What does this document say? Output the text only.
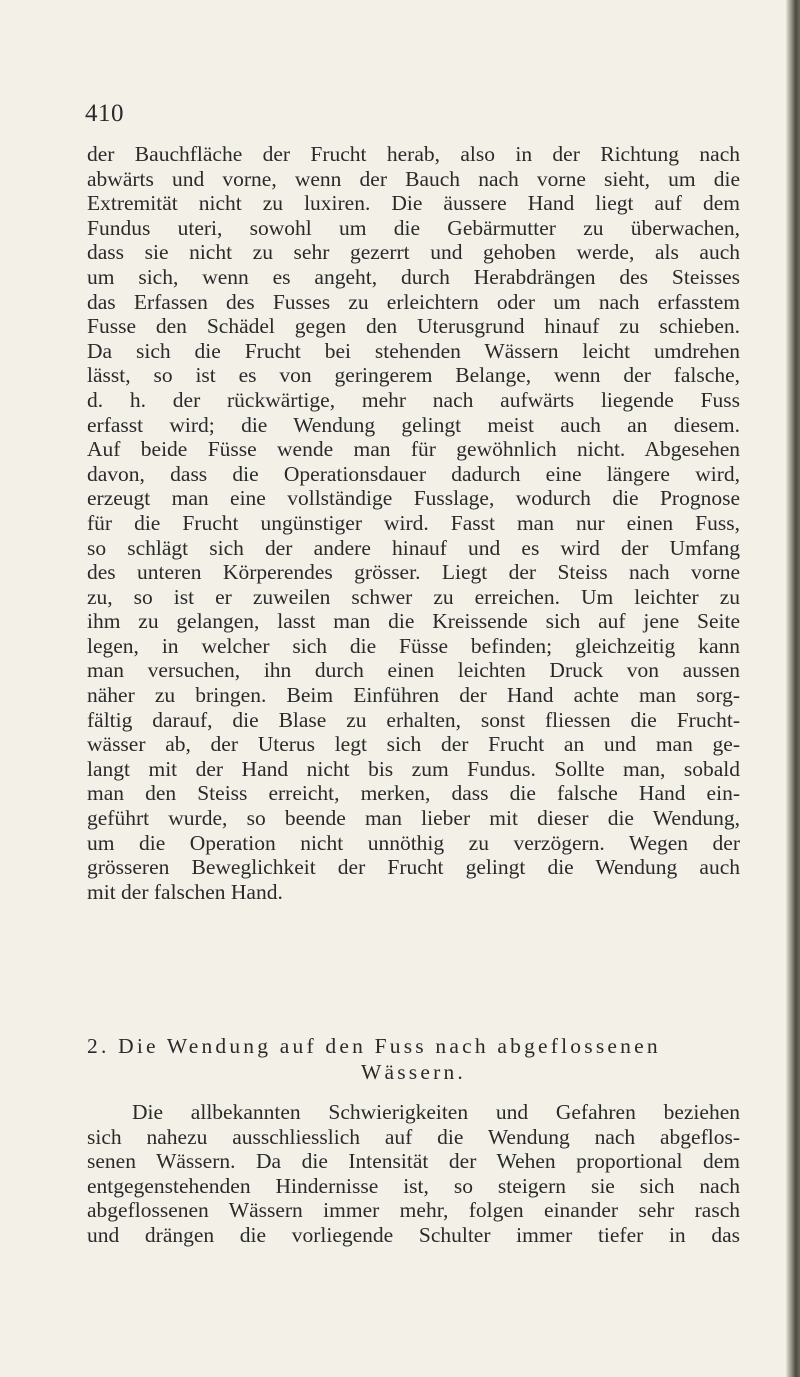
410
der Bauchfläche der Frucht herab, also in der Richtung nach
abwärts und vorne, wenn der Bauch nach vorne sieht, um die
Extremität nicht zu luxiren. Die äussere Hand liegt auf dem
Fundus uteri, sowohl um die Gebärmutter zu überwachen,
dass sie nicht zu sehr gezerrt und gehoben werde, als auch
um sich, wenn es angeht, durch Herabdrängen des Steisses
das Erfassen des Fusses zu erleichtern oder um nach erfasstem
Fusse den Schädel gegen den Uterusgrund hinauf zu schieben.
Da sich die Frucht bei stehenden Wässern leicht umdrehen
lässt, so ist es von geringerem Belange, wenn der falsche,
d. h. der rückwärtige, mehr nach aufwärts liegende Fuss
erfasst wird; die Wendung gelingt meist auch an diesem.
Auf beide Füsse wende man für gewöhnlich nicht. Abgesehen
davon, dass die Operationsdauer dadurch eine längere wird,
erzeugt man eine vollständige Fusslage, wodurch die Prognose
für die Frucht ungünstiger wird. Fasst man nur einen Fuss,
so schlägt sich der andere hinauf und es wird der Umfang
des unteren Körperendes grösser. Liegt der Steiss nach vorne
zu, so ist er zuweilen schwer zu erreichen. Um leichter zu
ihm zu gelangen, lasst man die Kreissende sich auf jene Seite
legen, in welcher sich die Füsse befinden; gleichzeitig kann
man versuchen, ihn durch einen leichten Druck von aussen
näher zu bringen. Beim Einführen der Hand achte man sorg-
fältig darauf, die Blase zu erhalten, sonst fliessen die Frucht-
wässer ab, der Uterus legt sich der Frucht an und man ge-
langt mit der Hand nicht bis zum Fundus. Sollte man, sobald
man den Steiss erreicht, merken, dass die falsche Hand ein-
geführt wurde, so beende man lieber mit dieser die Wendung,
um die Operation nicht unnöthig zu verzögern. Wegen der
grösseren Beweglichkeit der Frucht gelingt die Wendung auch
mit der falschen Hand.
2. Die Wendung auf den Fuss nach abgeflossenen
Wässern.
Die allbekannten Schwierigkeiten und Gefahren beziehen
sich nahezu ausschliesslich auf die Wendung nach abgeflos-
senen Wässern. Da die Intensität der Wehen proportional dem
entgegenstehenden Hindernisse ist, so steigern sie sich nach
abgeflossenen Wässern immer mehr, folgen einander sehr rasch
und drängen die vorliegende Schulter immer tiefer in das
